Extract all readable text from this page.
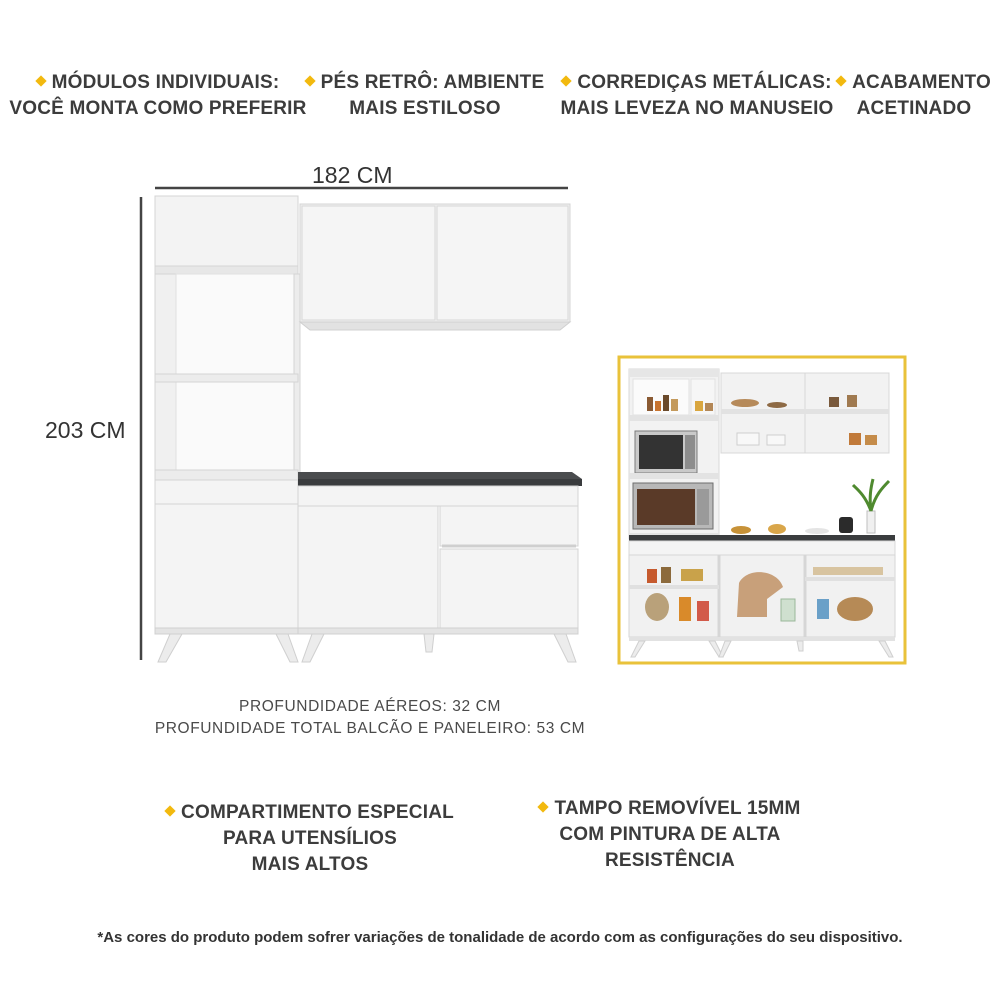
MÓDULOS INDIVIDUAIS:
VOCÊ MONTA COMO PREFERIR
PÉS RETRÔ: AMBIENTE
MAIS ESTILOSO
CORREDIÇAS METÁLICAS:
MAIS LEVEZA NO MANUSEIO
ACABAMENTO
ACETINADO
182 CM
203 CM
PROFUNDIDADE AÉREOS: 32 CM
PROFUNDIDADE TOTAL BALCÃO E PANELEIRO: 53 CM
COMPARTIMENTO ESPECIAL
PARA UTENSÍLIOS
MAIS ALTOS
TAMPO REMOVÍVEL 15MM
COM PINTURA DE ALTA
RESISTÊNCIA
*As cores do produto podem sofrer variações de tonalidade de acordo com as configurações do seu dispositivo.
